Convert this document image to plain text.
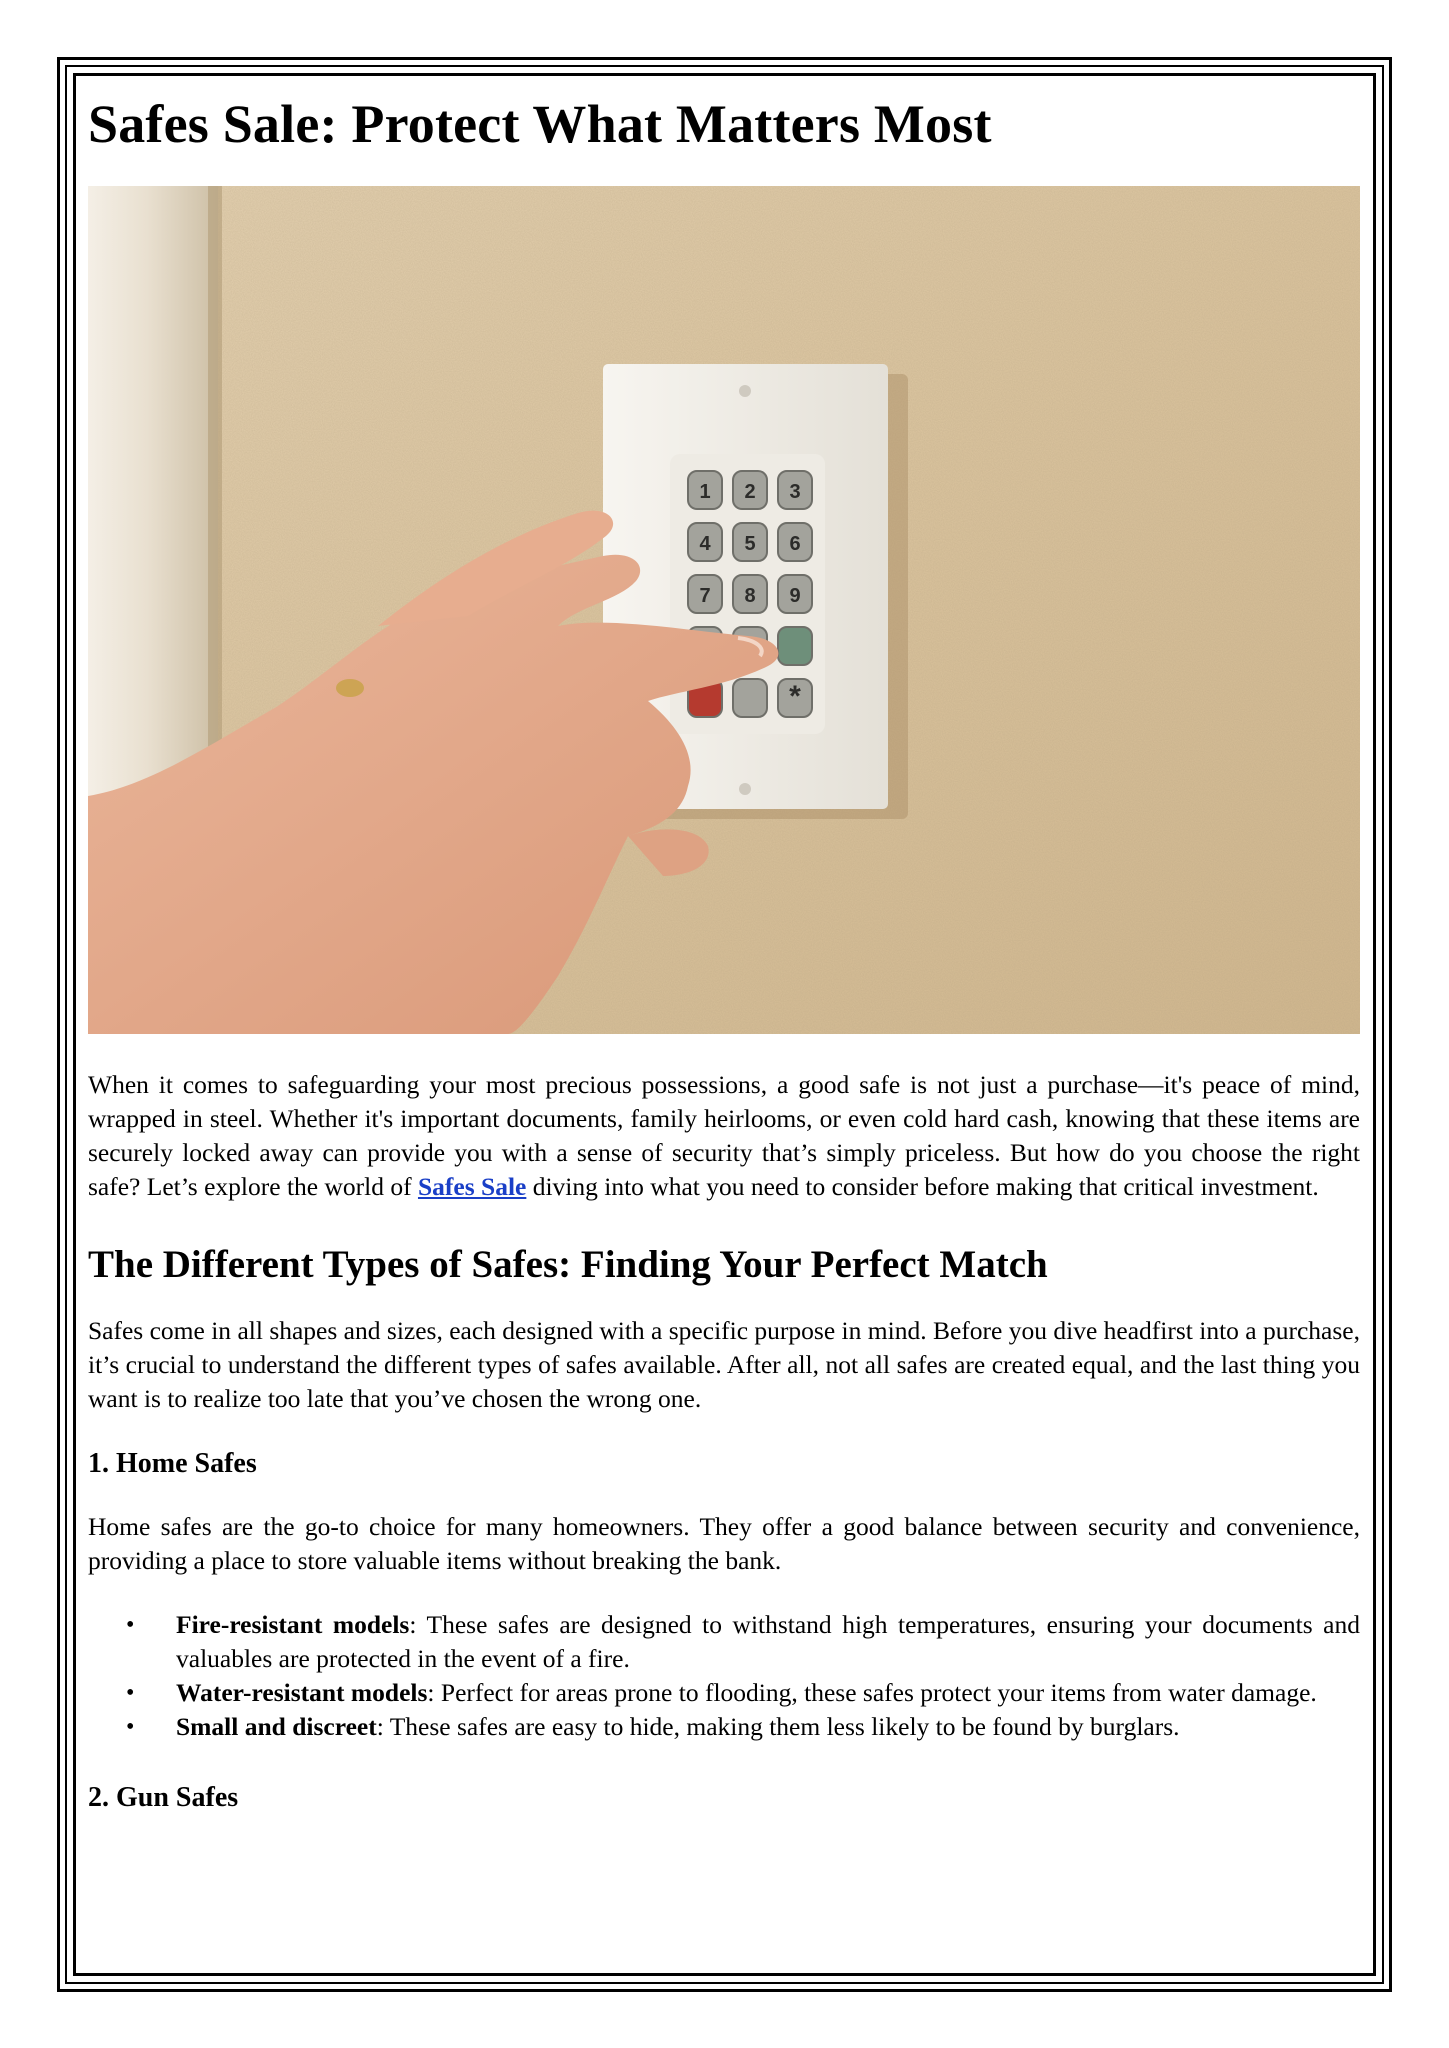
Safes Sale: Protect What Matters Most
1 2 3
4 5 6
7 8 9
*

When it comes to safeguarding your most precious possessions, a good safe is not just a purchase—it's peace of mind, wrapped in steel. Whether it's important documents, family heirlooms, or even cold hard cash, knowing that these items are securely locked away can provide you with a sense of security that’s simply priceless. But how do you choose the right safe? Let’s explore the world of Safes Sale diving into what you need to consider before making that critical investment.

The Different Types of Safes: Finding Your Perfect Match

Safes come in all shapes and sizes, each designed with a specific purpose in mind. Before you dive headfirst into a purchase, it’s crucial to understand the different types of safes available. After all, not all safes are created equal, and the last thing you want is to realize too late that you’ve chosen the wrong one.

1. Home Safes

Home safes are the go-to choice for many homeowners. They offer a good balance between security and convenience, providing a place to store valuable items without breaking the bank.

• Fire-resistant models: These safes are designed to withstand high temperatures, ensuring your documents and valuables are protected in the event of a fire.
• Water-resistant models: Perfect for areas prone to flooding, these safes protect your items from water damage.
• Small and discreet: These safes are easy to hide, making them less likely to be found by burglars.
2. Gun Safes
